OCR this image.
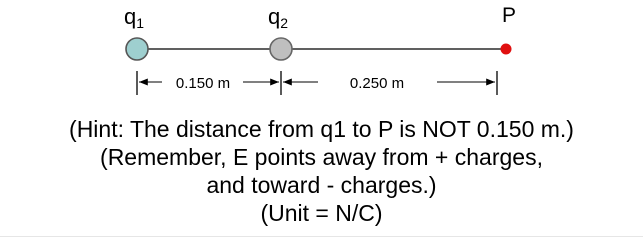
q1	q2	P
0.150 m	0.250 m
(Hint: The distance from q1 to P is NOT 0.150 m.)
(Remember, E points away from + charges,
and toward - charges.)
(Unit = N/C)
